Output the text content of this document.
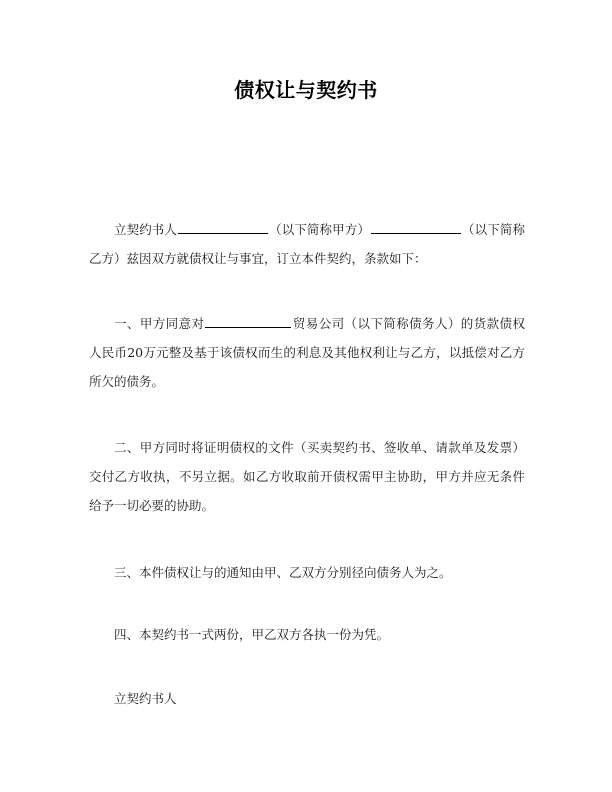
债权让与契约书
立契约书人	（以下简称甲方）	（以下简称乙方）兹因双方就债权让与事宜，订立本件契约，条款如下：
一、甲方同意对	贸易公司（以下简称债务人）的货款债权人民币20万元整及基于该债权而生的利息及其他权利让与乙方，以抵偿对乙方所欠的债务。
二、甲方同时将证明债权的文件（买卖契约书、签收单、请款单及发票）交付乙方收执，不另立据。如乙方收取前开债权需甲主协助，甲方并应无条件给予一切必要的协助。
三、本件债权让与的通知由甲、乙双方分别径向债务人为之。
四、本契约书一式两份，甲乙双方各执一份为凭。
立契约书人
